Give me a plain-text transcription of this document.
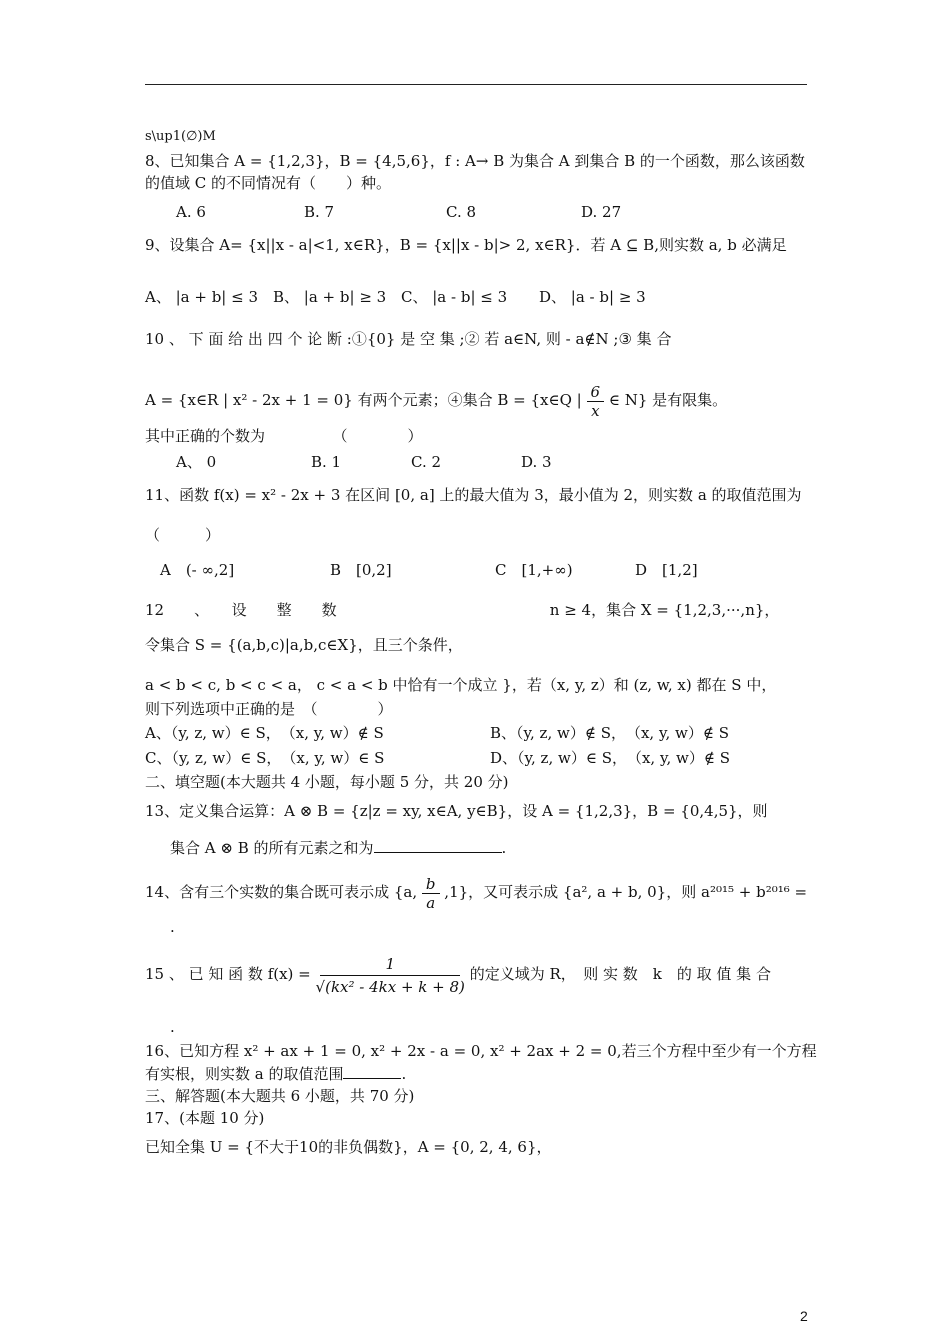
s\up1(∅)M
8、已知集合 A = {1,2,3}，B = {4,5,6}，f : A→ B 为集合 A 到集合 B 的一个函数，那么该函数
的值域 C 的不同情况有（　　）种。
A. 6	B. 7	C. 8	D. 27
9、设集合 A= {x||x - a|<1, x∈R}，B = {x||x - b|> 2, x∈R}．若 A ⊆ B,则实数 a, b 必满足
A、 |a + b| ≤ 3 B、 |a + b| ≥ 3 C、 |a - b| ≤ 3	D、 |a - b| ≥ 3
10 、 下 面 给 出 四 个 论 断 :①{0} 是 空 集 ;② 若 a∈N, 则 - a∉N ;③ 集 合
A = {x∈R | x² - 2x + 1 = 0} 有两个元素；④集合 B = {x∈Q | $\frac{6}{x}$ ∈ N} 是有限集。
其中正确的个数为　　　　　（　　　　）
A、 0	B. 1	C. 2	D. 3
11、函数 f(x) = x² - 2x + 3 在区间 [0, a] 上的最大值为 3，最小值为 2，则实数 a 的取值范围为
（　　　）
A　(- ∞,2]	B　[0,2]	C　[1,+∞)	D　[1,2]
12　　、　　设　　整　　数	n ≥ 4，集合 X = {1,2,3,···,n}，
令集合 S = {(a,b,c)|a,b,c∈X}，且三个条件，
a < b < c, b < c < a， c < a < b 中恰有一个成立 }，若（x, y, z）和 (z, w, x) 都在 S 中，
则下列选项中正确的是　（　　　　）
A、（y, z, w）∈ S，　（x, y, w）∉ S	B、（y, z, w）∉ S，　（x, y, w）∉ S
C、（y, z, w）∈ S，　（x, y, w）∈ S	D、（y, z, w）∈ S，　（x, y, w）∉ S
二、填空题(本大题共 4 小题，每小题 5 分，共 20 分)
13、定义集合运算：A ⊗ B = {z|z = xy, x∈A, y∈B}，设 A = {1,2,3}，B = {0,4,5}，则
集合 A ⊗ B 的所有元素之和为	.
14、含有三个实数的集合既可表示成 {a, $\frac{b}{a} ,1$}，又可表示成 {a², a + b, 0}，则 a²⁰¹⁵ + b²⁰¹⁶ =
.
15 、 已 知 函 数 $f(x) = \frac{1}{\text{√(kx² - 4kx + k + 8)}}$ 的定义域为 R，　则 实 数　k　的 取 值 集 合
.
16、已知方程 x² + ax + 1 = 0, x² + 2x - a = 0, x² + 2ax + 2 = 0,若三个方程中至少有一个方程
有实根，则实数 a 的取值范围	.
三、解答题(本大题共 6 小题，共 70 分)
17、(本题 10 分)
已知全集 U = {不大于10的非负偶数}，A = {0, 2, 4, 6}，
2
